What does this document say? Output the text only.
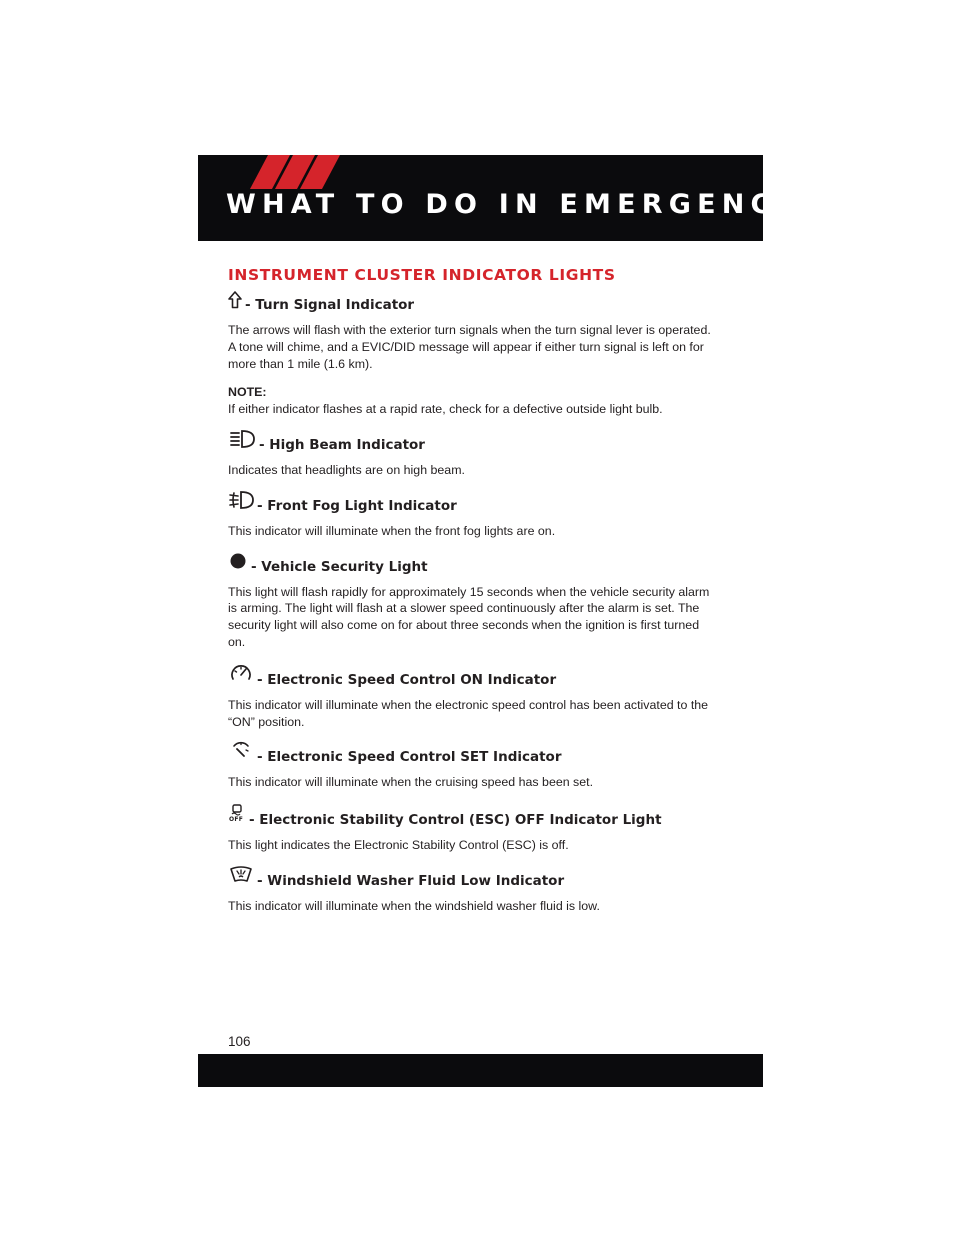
WHAT TO DO IN EMERGENCIES
INSTRUMENT CLUSTER INDICATOR LIGHTS
- Turn Signal Indicator

The arrows will flash with the exterior turn signals when the turn signal lever is operated. A tone will chime, and a EVIC/DID message will appear if either turn signal is left on for more than 1 mile (1.6 km).

NOTE:

If either indicator flashes at a rapid rate, check for a defective outside light bulb.

- High Beam Indicator

Indicates that headlights are on high beam.

- Front Fog Light Indicator

This indicator will illuminate when the front fog lights are on.

- Vehicle Security Light

This light will flash rapidly for approximately 15 seconds when the vehicle security alarm is arming. The light will flash at a slower speed continuously after the alarm is set. The security light will also come on for about three seconds when the ignition is first turned on.

- Electronic Speed Control ON Indicator

This indicator will illuminate when the electronic speed control has been activated to the “ON” position.

- Electronic Speed Control SET Indicator

This indicator will illuminate when the cruising speed has been set.

OFF - Electronic Stability Control (ESC) OFF Indicator Light

This light indicates the Electronic Stability Control (ESC) is off.

- Windshield Washer Fluid Low Indicator

This indicator will illuminate when the windshield washer fluid is low.

106
